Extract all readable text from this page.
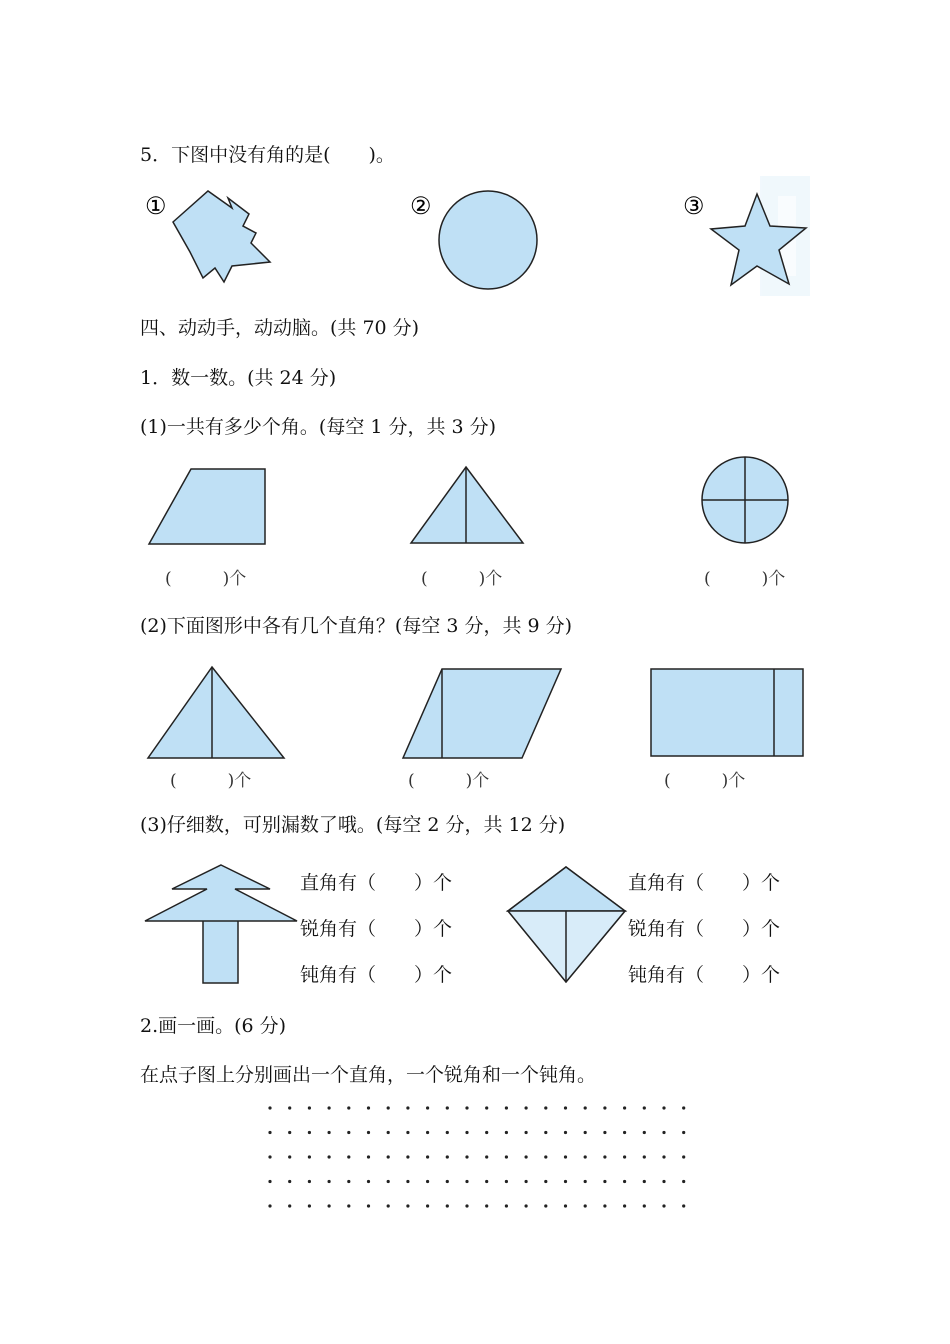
5．下图中没有角的是(　　)。
四、动动手，动动脑。(共 70 分)
1．数一数。(共 24 分)
(1)一共有多少个角。(每空 1 分，共 3 分)
(　　　)个	(　　　)个	(　　　)个
(2)下面图形中各有几个直角？(每空 3 分，共 9 分)
(　　　)个	(　　　)个	(　　　)个
(3)仔细数，可别漏数了哦。(每空 2 分，共 12 分)
直角有（　　）个
锐角有（　　）个
钝角有（　　）个
直角有（　　）个
锐角有（　　）个
钝角有（　　）个
2.画一画。(6 分)
在点子图上分别画出一个直角，一个锐角和一个钝角。
①	②	③
